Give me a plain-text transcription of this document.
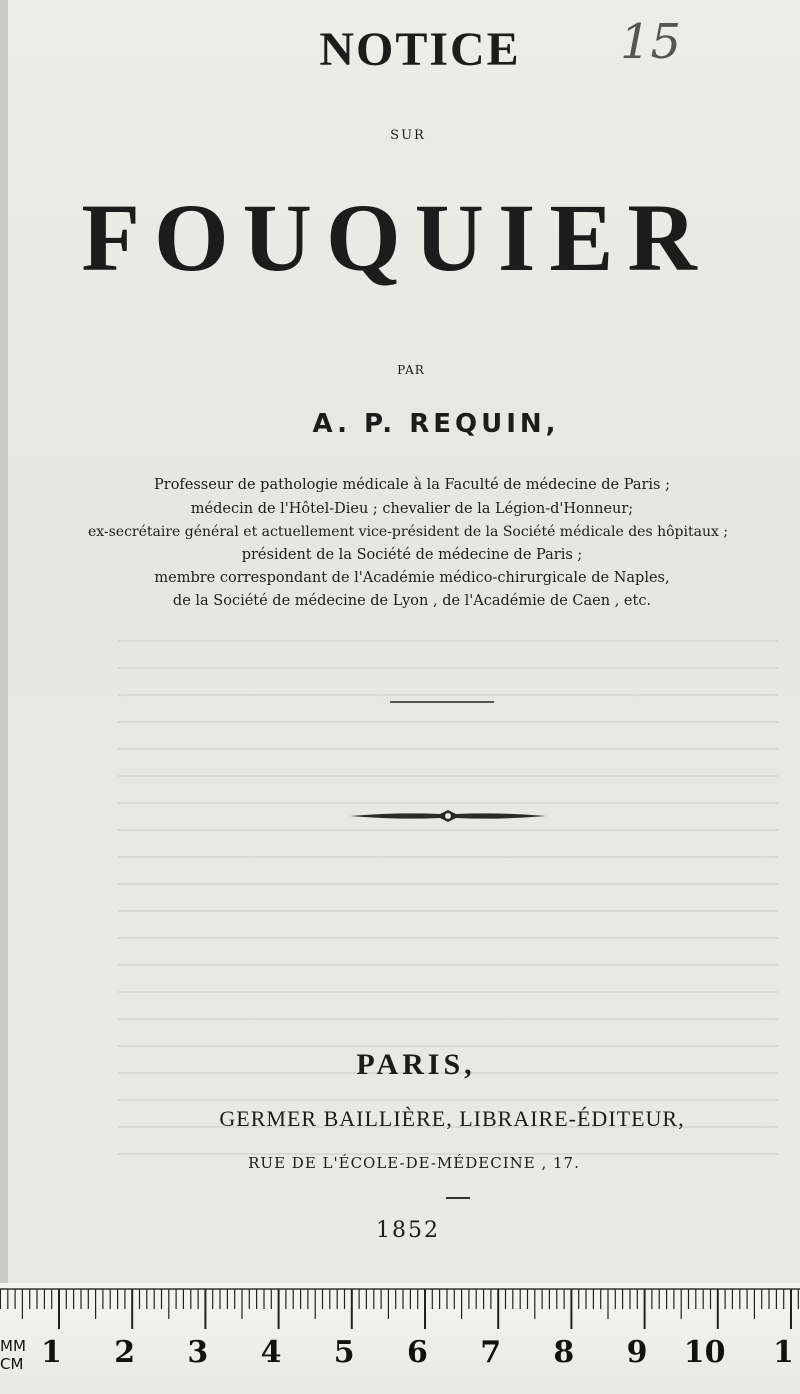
NOTICE	15
SUR
FOUQUIER
PAR
A. P. REQUIN,
Professeur de pathologie médicale à la Faculté de médecine de Paris ;
médecin de l'Hôtel-Dieu ; chevalier de la Légion-d'Honneur;
ex-secrétaire général et actuellement vice-président de la Société médicale des hôpitaux ;
président de la Société de médecine de Paris ;
membre correspondant de l'Académie médico-chirurgicale de Naples,
de la Société de médecine de Lyon , de l'Académie de Caen , etc.
PARIS,
GERMER BAILLIÈRE, LIBRAIRE-ÉDITEUR,
RUE DE L'ÉCOLE-DE-MÉDECINE , 17.
1852
MM
CM 1 2 3 4 5 6 7 8 9 10 1
